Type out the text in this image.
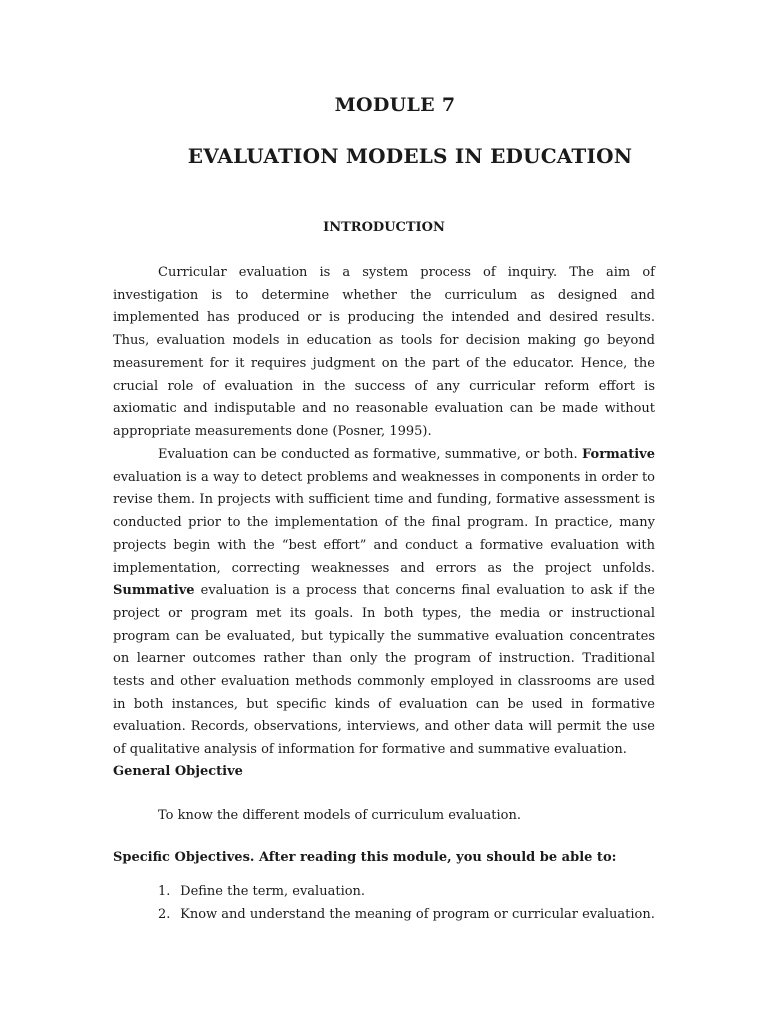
MODULE 7
EVALUATION MODELS IN EDUCATION
INTRODUCTION

Curricular evaluation is a system process of inquiry. The aim of investigation is to determine whether the curriculum as designed and implemented has produced or is producing the intended and desired results. Thus, evaluation models in education as tools for decision making go beyond measurement for it requires judgment on the part of the educator. Hence, the crucial role of evaluation in the success of any curricular reform effort is axiomatic and indisputable and no reasonable evaluation can be made without appropriate measurements done (Posner, 1995).

Evaluation can be conducted as formative, summative, or both. Formative evaluation is a way to detect problems and weaknesses in components in order to revise them. In projects with sufficient time and funding, formative assessment is conducted prior to the implementation of the final program. In practice, many projects begin with the “best effort” and conduct a formative evaluation with implementation, correcting weaknesses and errors as the project unfolds. Summative evaluation is a process that concerns final evaluation to ask if the project or program met its goals. In both types, the media or instructional program can be evaluated, but typically the summative evaluation concentrates on learner outcomes rather than only the program of instruction. Traditional tests and other evaluation methods commonly employed in classrooms are used in both instances, but specific kinds of evaluation can be used in formative evaluation. Records, observations, interviews, and other data will permit the use of qualitative analysis of information for formative and summative evaluation.

General Objective
To know the different models of curriculum evaluation.
Specific Objectives. After reading this module, you should be able to:
1. Define the term, evaluation.
2. Know and understand the meaning of program or curricular evaluation.
